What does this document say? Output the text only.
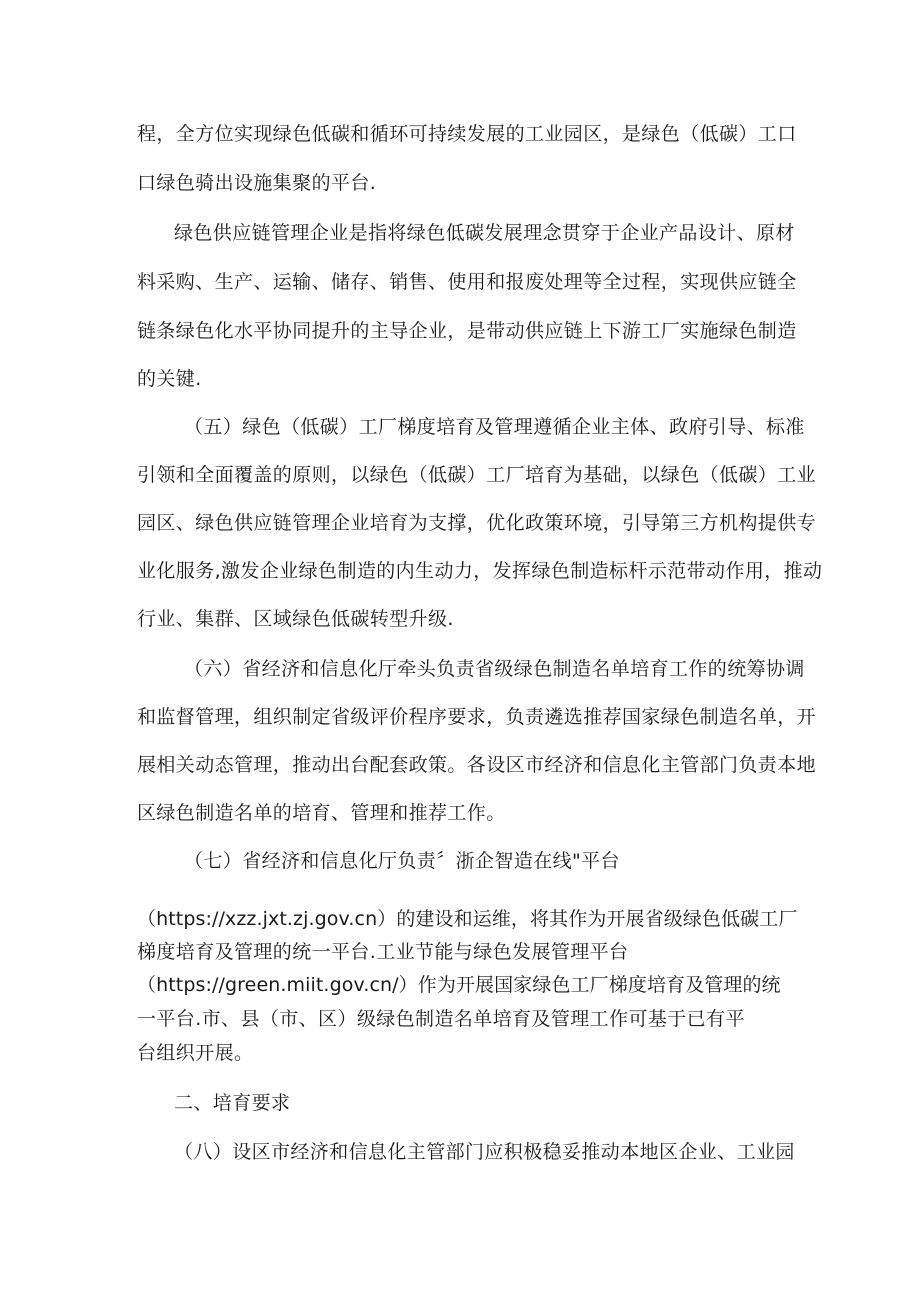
程，全方位实现绿色低碳和循环可持续发展的工业园区，是绿色（低碳）工口
口绿色骑出设施集聚的平台.
绿色供应链管理企业是指将绿色低碳发展理念贯穿于企业产品设计、原材
料采购、生产、运输、储存、销售、使用和报废处理等全过程，实现供应链全
链条绿色化水平协同提升的主导企业，是带动供应链上下游工厂实施绿色制造
的关键.
（五）绿色（低碳）工厂梯度培育及管理遵循企业主体、政府引导、标准
引领和全面覆盖的原则，以绿色（低碳）工厂培育为基础，以绿色（低碳）工业
园区、绿色供应链管理企业培育为支撑，优化政策环境，引导第三方机构提供专
业化服务,激发企业绿色制造的内生动力，发挥绿色制造标杆示范带动作用，推动
行业、集群、区域绿色低碳转型升级.
（六）省经济和信息化厅牵头负责省级绿色制造名单培育工作的统筹协调
和监督管理，组织制定省级评价程序要求，负责遴选推荐国家绿色制造名单，开
展相关动态管理，推动出台配套政策。各设区市经济和信息化主管部门负责本地
区绿色制造名单的培育、管理和推荐工作。
（七）省经济和信息化厅负责〞浙企智造在线"平台
（https://xzz.jxt.zj.gov.cn）的建设和运维，将其作为开展省级绿色低碳工厂
梯度培育及管理的统一平台.工业节能与绿色发展管理平台
（https://green.miit.gov.cn/）作为开展国家绿色工厂梯度培育及管理的统
一平台.市、县（市、区）级绿色制造名单培育及管理工作可基于已有平
台组织开展。
二、培育要求
（八）设区市经济和信息化主管部门应积极稳妥推动本地区企业、工业园
